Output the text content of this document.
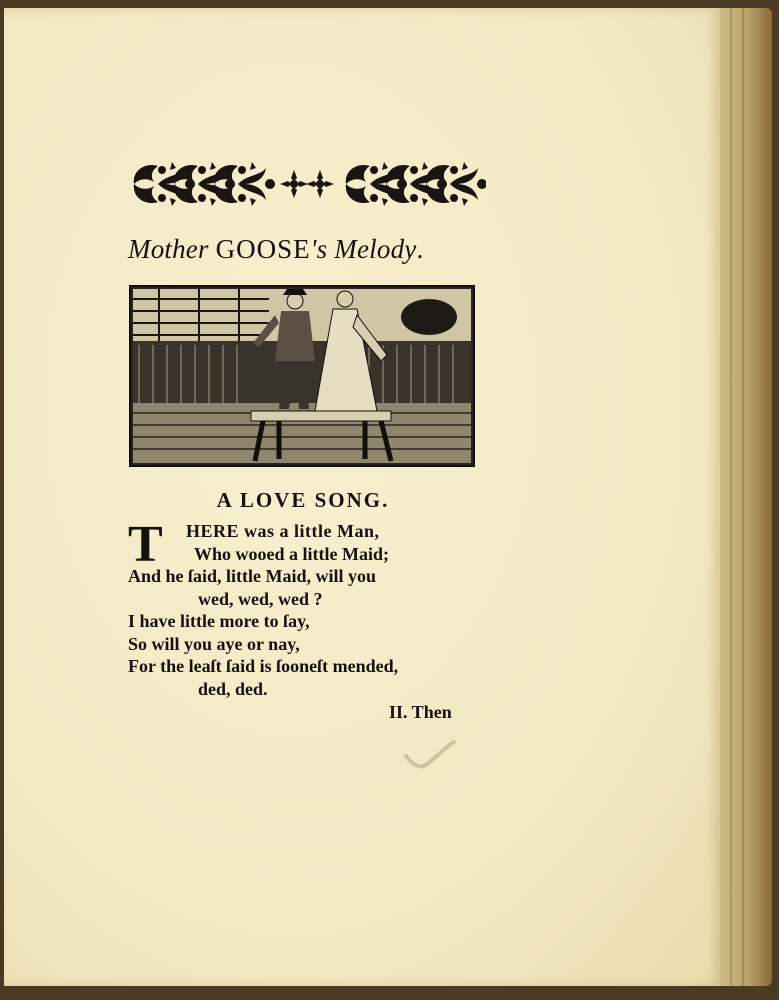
Mother GOOSE's Melody.
A LOVE SONG.
T	HERE was a little Man,
Who wooed a little Maid;
And he ſaid, little Maid, will you
wed, wed, wed ?
I have little more to ſay,
So will you aye or nay,
For the leaſt ſaid is ſooneſt mended,
ded, ded.
II. Then
